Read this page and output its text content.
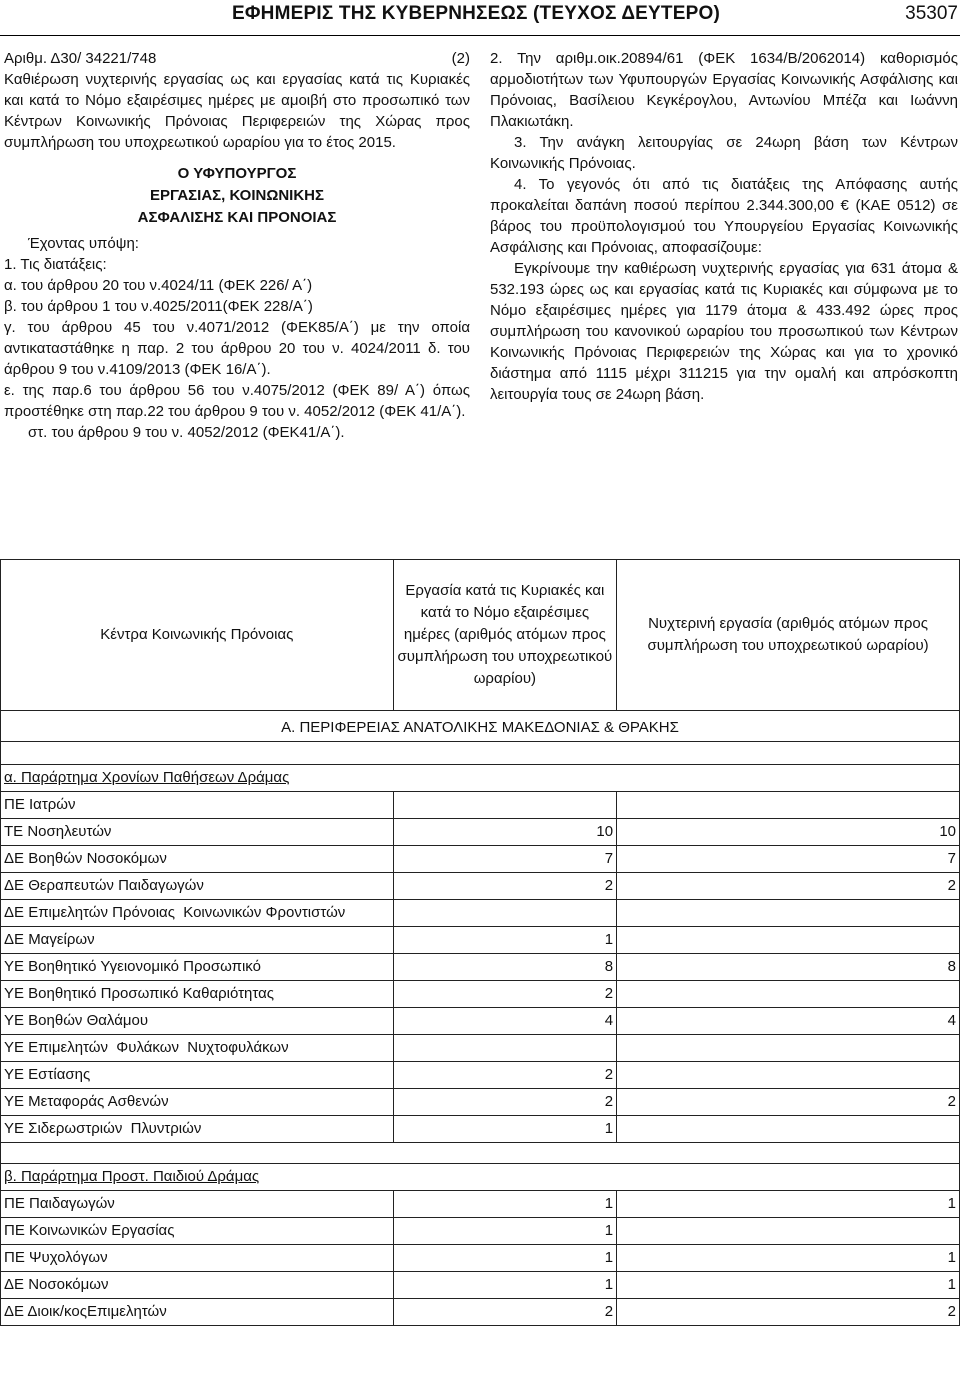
ΕΦΗΜΕΡΙΣ ΤΗΣ ΚΥΒΕΡΝΗΣΕΩΣ (ΤΕΥΧΟΣ ΔΕΥΤΕΡΟ)	35307
Αριθμ. Δ30/ 34221/748	(2)

Καθιέρωση νυχτερινής εργασίας ως και εργασίας κατά τις Κυριακές και κατά το Νόμο εξαιρέσιμες ημέρες με αμοιβή στο προσωπικό των Κέντρων Κοινωνικής Πρόνοιας Περιφερειών της Χώρας προς συμπλήρωση του υποχρεωτικού ωραρίου για το έτος 2015.

Ο ΥΦΥΠΟΥΡΓΟΣ
ΕΡΓΑΣΙΑΣ, ΚΟΙΝΩΝΙΚΗΣ
ΑΣΦΑΛΙΣΗΣ ΚΑΙ ΠΡΟΝΟΙΑΣ

Έχοντας υπόψη:

1. Τις διατάξεις:

α. του άρθρου 20 του ν.4024/11 (ΦΕΚ 226/ Α΄)

β. του άρθρου 1 του ν.4025/2011(ΦΕΚ 228/Α΄)

γ. του άρθρου 45 του ν.4071/2012 (ΦΕΚ85/Α΄) με την οποία αντικαταστάθηκε η παρ. 2 του άρθρου 20 του ν. 4024/2011 δ. του άρθρου 9 του ν.4109/2013 (ΦΕΚ 16/Α΄).

ε. της παρ.6 του άρθρου 56 του ν.4075/2012 (ΦΕΚ 89/ Α΄) όπως προστέθηκε στη παρ.22 του άρθρου 9 του ν. 4052/2012 (ΦΕΚ 41/Α΄).

στ. του άρθρου 9 του ν. 4052/2012 (ΦΕΚ41/Α΄).

2. Την αριθμ.οικ.20894/61 (ΦΕΚ 1634/Β/2062014) καθορισμός αρμοδιοτήτων των Υφυπουργών Εργασίας Κοινωνικής Ασφάλισης και Πρόνοιας, Βασίλειου Κεγκέρογλου, Αντωνίου Μπέζα και Ιωάννη Πλακιωτάκη.

3. Την ανάγκη λειτουργίας σε 24ωρη βάση των Κέντρων Κοινωνικής Πρόνοιας.

4. Το γεγονός ότι από τις διατάξεις της Απόφασης αυτής προκαλείται δαπάνη ποσού περίπου 2.344.300,00 € (ΚΑΕ 0512) σε βάρος του προϋπολογισμού του Υπουργείου Εργασίας Κοινωνικής Ασφάλισης και Πρόνοιας, αποφασίζουμε:

Εγκρίνουμε την καθιέρωση νυχτερινής εργασίας για 631 άτομα & 532.193 ώρες ως και εργασίας κατά τις Κυριακές και σύμφωνα με το Νόμο εξαιρέσιμες ημέρες για 1179 άτομα & 433.492 ώρες προς συμπλήρωση του κανονικού ωραρίου του προσωπικού των Κέντρων Κοινωνικής Πρόνοιας Περιφερειών της Χώρας και για το χρονικό διάστημα από 1115 μέχρι 311215 για την ομαλή και απρόσκοπτη λειτουργία τους σε 24ωρη βάση.

Κέντρα Κοινωνικής Πρόνοιας	Εργασία κατά τις Κυριακές και κατά το Νόμο εξαιρέσιμες ημέρες (αριθμός ατόμων προς συμπλήρωση του υποχρεωτικού ωραρίου)	Νυχτερινή εργασία (αριθμός ατόμων προς συμπλήρωση του υποχρεωτικού ωραρίου)
Α. ΠΕΡΙΦΕΡΕΙΑΣ ΑΝΑΤΟΛΙΚΗΣ ΜΑΚΕΔΟΝΙΑΣ & ΘΡΑΚΗΣ		

α. Παράρτημα Χρονίων Παθήσεων Δράμας		
ΠΕ Ιατρών		
ΤΕ Νοσηλευτών	10	10
ΔΕ Βοηθών Νοσοκόμων	7	7
ΔΕ Θεραπευτών Παιδαγωγών	2	2
ΔΕ Επιμελητών Πρόνοιας Κοινωνικών Φροντιστών		
ΔΕ Μαγείρων	1	
ΥΕ Βοηθητικό Υγειονομικό Προσωπικό	8	8
ΥΕ Βοηθητικό Προσωπικό Καθαριότητας	2	
ΥΕ Βοηθών Θαλάμου	4	4
ΥΕ Επιμελητών Φυλάκων Νυχτοφυλάκων		
ΥΕ Εστίασης	2	
ΥΕ Μεταφοράς Ασθενών	2	2
ΥΕ Σιδερωστριών Πλυντριών	1	

β. Παράρτημα Προστ. Παιδιού Δράμας		
ΠΕ Παιδαγωγών	1	1
ΠΕ Κοινωνικών Εργασίας	1	
ΠΕ Ψυχολόγων	1	1
ΔΕ Νοσοκόμων	1	1
ΔΕ Διοικ/κοςΕπιμελητών	2	2
